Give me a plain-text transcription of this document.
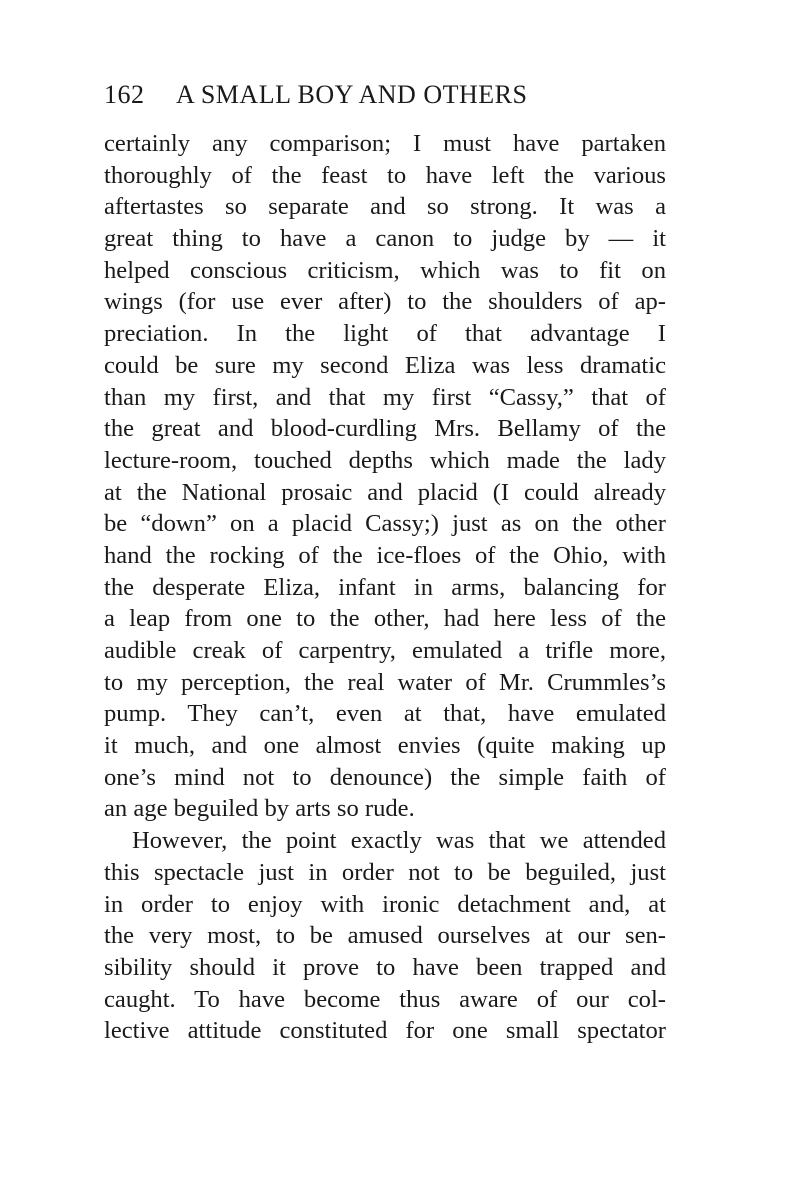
162 A SMALL BOY AND OTHERS
certainly any comparison; I must have partaken
thoroughly of the feast to have left the various
aftertastes so separate and so strong. It was a
great thing to have a canon to judge by — it
helped conscious criticism, which was to fit on
wings (for use ever after) to the shoulders of ap-
preciation. In the light of that advantage I
could be sure my second Eliza was less dramatic
than my first, and that my first “Cassy,” that of
the great and blood-curdling Mrs. Bellamy of the
lecture-room, touched depths which made the lady
at the National prosaic and placid (I could already
be “down” on a placid Cassy;) just as on the other
hand the rocking of the ice-floes of the Ohio, with
the desperate Eliza, infant in arms, balancing for
a leap from one to the other, had here less of the
audible creak of carpentry, emulated a trifle more,
to my perception, the real water of Mr. Crummles’s
pump. They can’t, even at that, have emulated
it much, and one almost envies (quite making up
one’s mind not to denounce) the simple faith of
an age beguiled by arts so rude.
However, the point exactly was that we attended
this spectacle just in order not to be beguiled, just
in order to enjoy with ironic detachment and, at
the very most, to be amused ourselves at our sen-
sibility should it prove to have been trapped and
caught. To have become thus aware of our col-
lective attitude constituted for one small spectator
